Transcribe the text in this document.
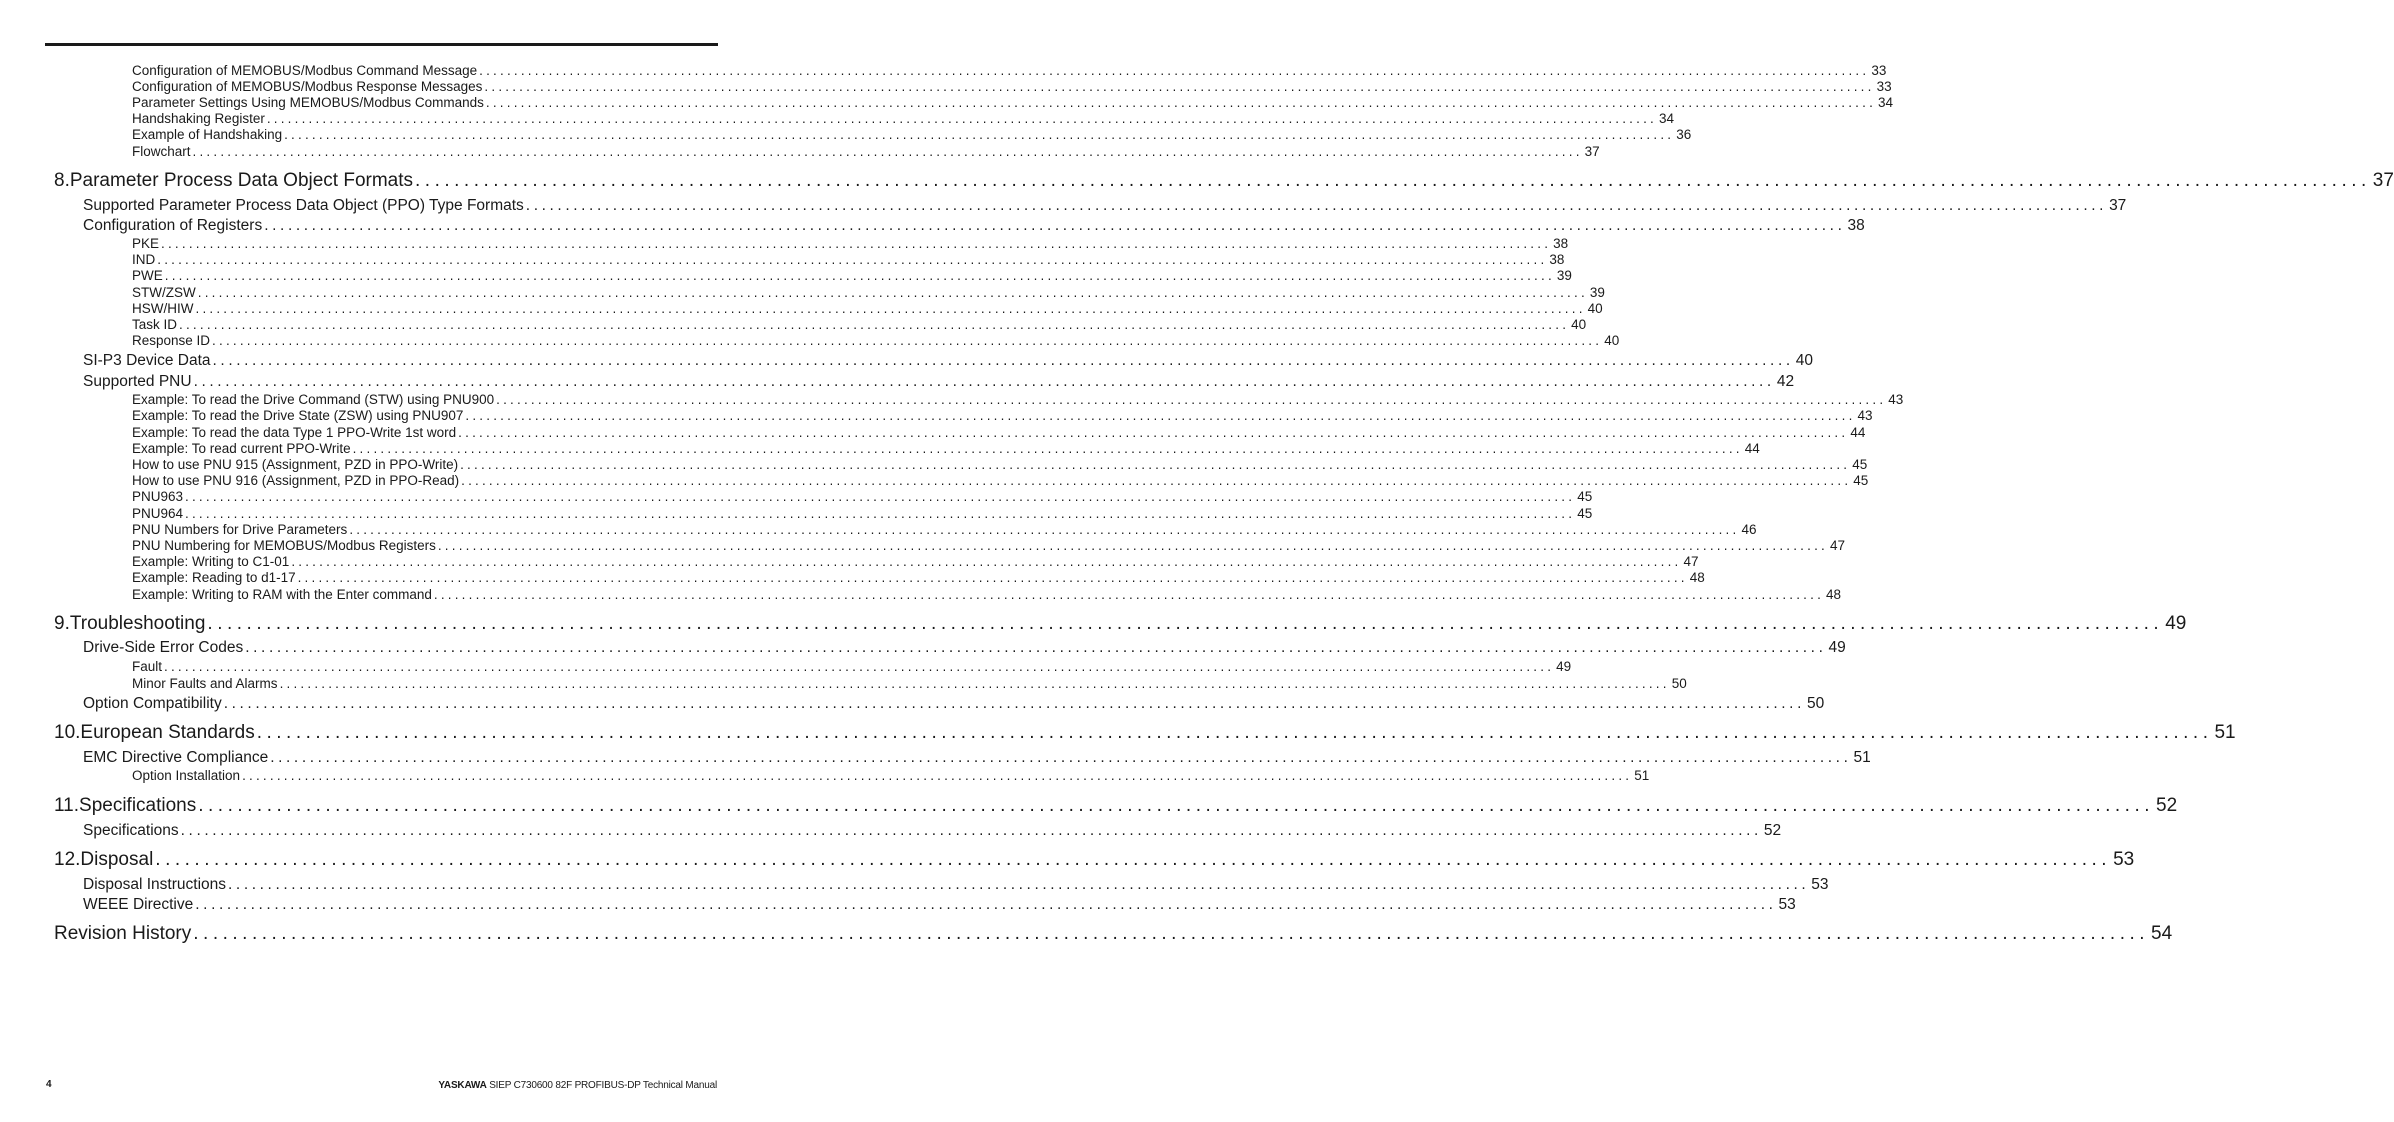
Configuration of MEMOBUS/Modbus Command Message ........................................................................................................................................................................................................ 33
Configuration of MEMOBUS/Modbus Response Messages ........................................................................................................................................................................................................ 33
Parameter Settings Using MEMOBUS/Modbus Commands ........................................................................................................................................................................................................ 34
Handshaking Register ........................................................................................................................................................................................................ 34
Example of Handshaking ........................................................................................................................................................................................................ 36
Flowchart ........................................................................................................................................................................................................ 37
8. Parameter Process Data Object Formats ........................................................................................................................................................................................................ 37
Supported Parameter Process Data Object (PPO) Type Formats ........................................................................................................................................................................................................ 37
Configuration of Registers ........................................................................................................................................................................................................ 38
PKE ........................................................................................................................................................................................................ 38
IND ........................................................................................................................................................................................................ 38
PWE ........................................................................................................................................................................................................ 39
STW/ZSW ........................................................................................................................................................................................................ 39
HSW/HIW ........................................................................................................................................................................................................ 40
Task ID ........................................................................................................................................................................................................ 40
Response ID ........................................................................................................................................................................................................ 40
SI-P3 Device Data ........................................................................................................................................................................................................ 40
Supported PNU ........................................................................................................................................................................................................ 42
Example: To read the Drive Command (STW) using PNU900 ........................................................................................................................................................................................................ 43
Example: To read the Drive State (ZSW) using PNU907 ........................................................................................................................................................................................................ 43
Example: To read the data Type 1 PPO-Write 1st word ........................................................................................................................................................................................................ 44
Example: To read current PPO-Write ........................................................................................................................................................................................................ 44
How to use PNU 915 (Assignment, PZD in PPO-Write) ........................................................................................................................................................................................................ 45
How to use PNU 916 (Assignment, PZD in PPO-Read) ........................................................................................................................................................................................................ 45
PNU963 ........................................................................................................................................................................................................ 45
PNU964 ........................................................................................................................................................................................................ 45
PNU Numbers for Drive Parameters ........................................................................................................................................................................................................ 46
PNU Numbering for MEMOBUS/Modbus Registers ........................................................................................................................................................................................................ 47
Example: Writing to C1-01 ........................................................................................................................................................................................................ 47
Example: Reading to d1-17 ........................................................................................................................................................................................................ 48
Example: Writing to RAM with the Enter command ........................................................................................................................................................................................................ 48
9. Troubleshooting ........................................................................................................................................................................................................ 49
Drive-Side Error Codes ........................................................................................................................................................................................................ 49
Fault ........................................................................................................................................................................................................ 49
Minor Faults and Alarms ........................................................................................................................................................................................................ 50
Option Compatibility ........................................................................................................................................................................................................ 50
10. European Standards ........................................................................................................................................................................................................ 51
EMC Directive Compliance ........................................................................................................................................................................................................ 51
Option Installation ........................................................................................................................................................................................................ 51
11. Specifications ........................................................................................................................................................................................................ 52
Specifications ........................................................................................................................................................................................................ 52
12. Disposal ........................................................................................................................................................................................................ 53
Disposal Instructions ........................................................................................................................................................................................................ 53
WEEE Directive ........................................................................................................................................................................................................ 53
Revision History ........................................................................................................................................................................................................ 54
4	YASKAWA SIEP C730600 82F PROFIBUS-DP Technical Manual
